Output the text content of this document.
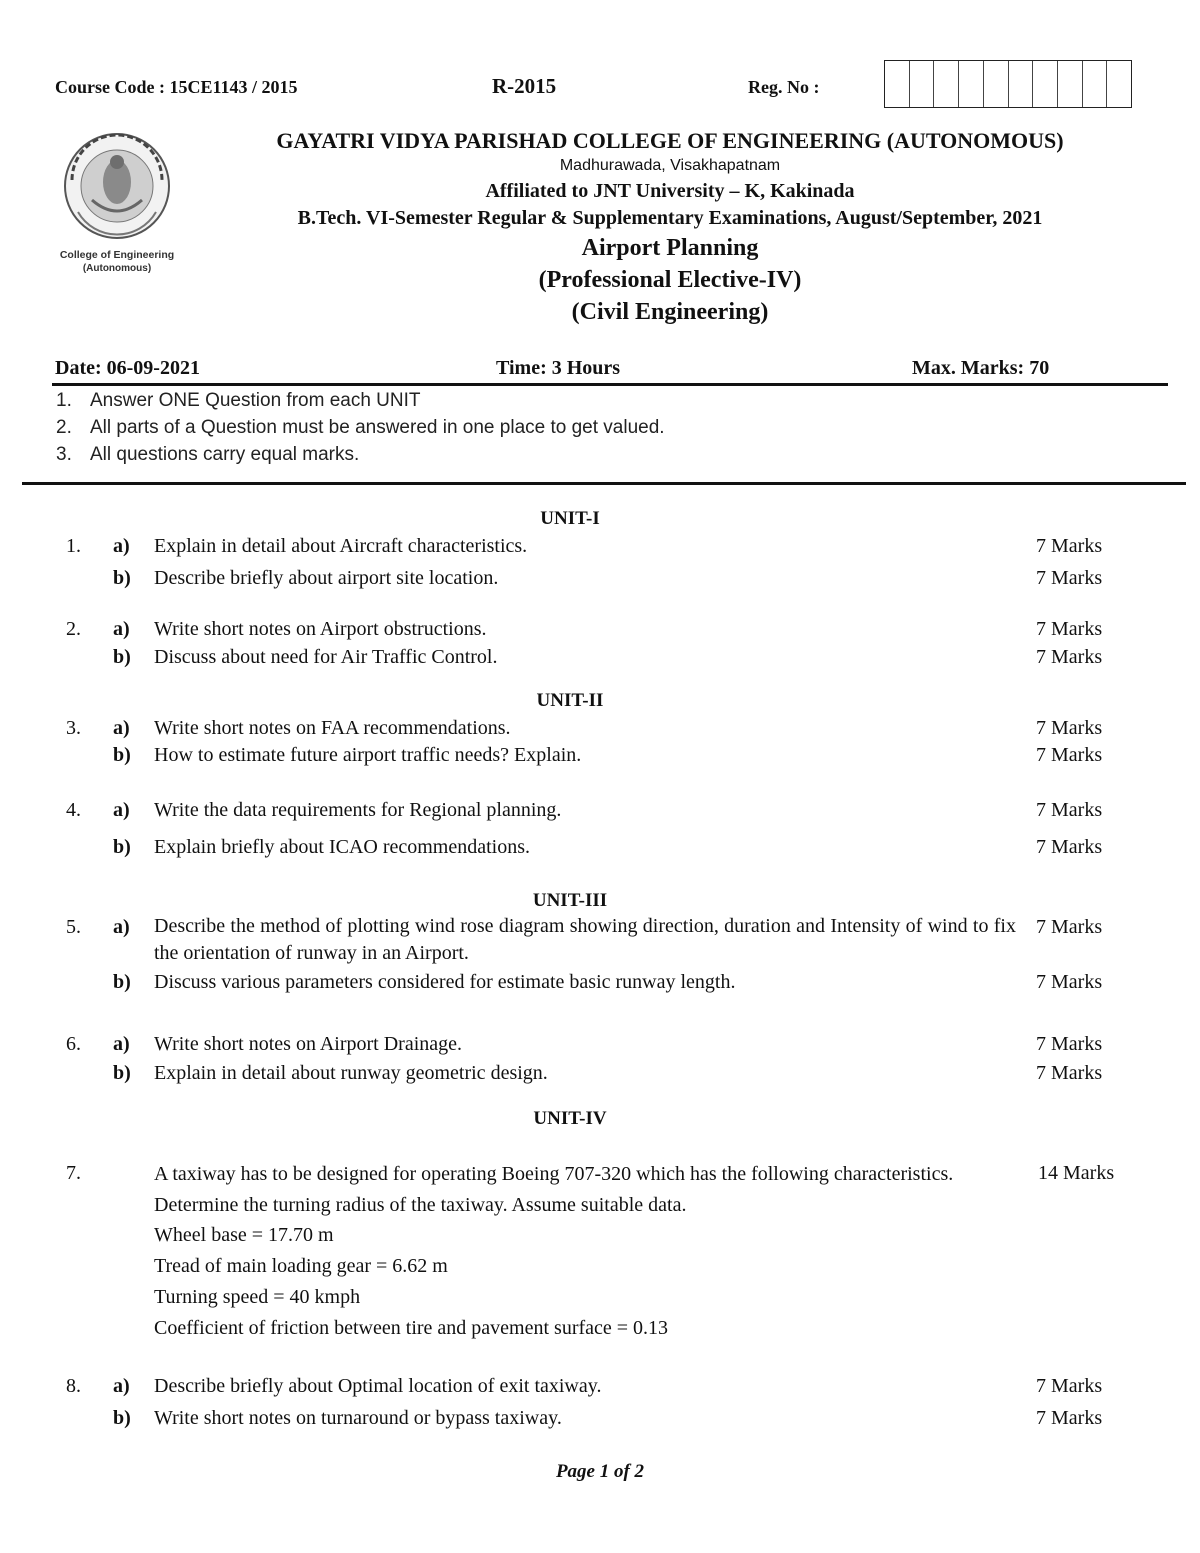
Course Code : 15CE1143 / 2015	R-2015	Reg. No :
College of Engineering
(Autonomous)
GAYATRI VIDYA PARISHAD COLLEGE OF ENGINEERING (AUTONOMOUS)
Madhurawada, Visakhapatnam
Affiliated to JNT University – K, Kakinada
B.Tech. VI-Semester Regular & Supplementary Examinations, August/September, 2021
Airport Planning
(Professional Elective-IV)
(Civil Engineering)
Date: 06-09-2021	Time: 3 Hours	Max. Marks: 70
1. Answer ONE Question from each UNIT
2. All parts of a Question must be answered in one place to get valued.
3. All questions carry equal marks.
UNIT-I
1. a) Explain in detail about Aircraft characteristics.	7 Marks
b) Describe briefly about airport site location.	7 Marks
2. a) Write short notes on Airport obstructions.	7 Marks
b) Discuss about need for Air Traffic Control.	7 Marks
UNIT-II
3. a) Write short notes on FAA recommendations.	7 Marks
b) How to estimate future airport traffic needs? Explain.	7 Marks
4. a) Write the data requirements for Regional planning.	7 Marks
b) Explain briefly about ICAO recommendations.	7 Marks
UNIT-III
5. a) Describe the method of plotting wind rose diagram showing direction, duration and Intensity of wind to fix the orientation of runway in an Airport.
7 Marks
b) Discuss various parameters considered for estimate basic runway length.	7 Marks
6. a) Write short notes on Airport Drainage.	7 Marks
b) Explain in detail about runway geometric design.	7 Marks
UNIT-IV
7.	A taxiway has to be designed for operating Boeing 707-320 which has the following characteristics. Determine the turning radius of the taxiway. Assume suitable data.
14 Marks
Wheel base = 17.70 m
Tread of main loading gear = 6.62 m
Turning speed = 40 kmph
Coefficient of friction between tire and pavement surface = 0.13
8. a) Describe briefly about Optimal location of exit taxiway.	7 Marks
b) Write short notes on turnaround or bypass taxiway.	7 Marks
Page 1 of 2
